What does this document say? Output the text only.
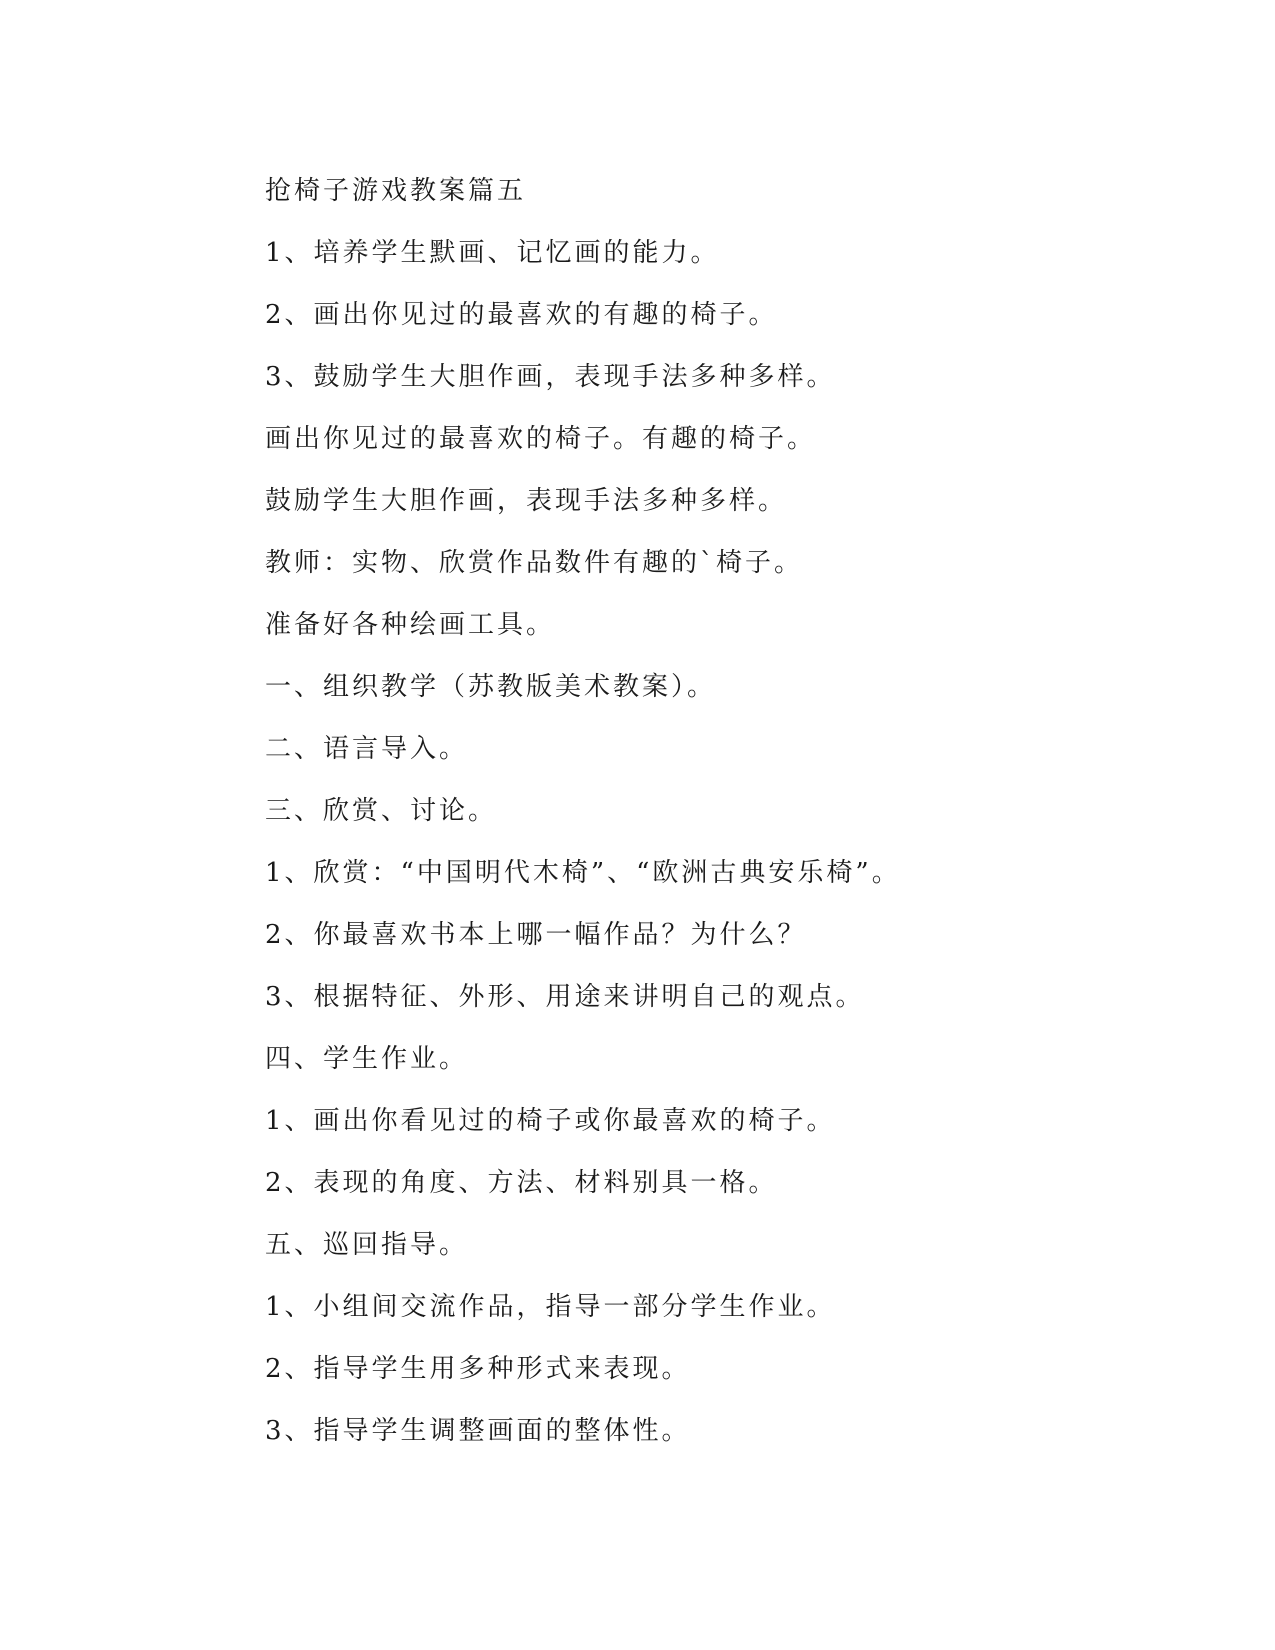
抢椅子游戏教案篇五
1、培养学生默画、记忆画的能力。
2、画出你见过的最喜欢的有趣的椅子。
3、鼓励学生大胆作画，表现手法多种多样。
画出你见过的最喜欢的椅子。有趣的椅子。
鼓励学生大胆作画，表现手法多种多样。
教师：实物、欣赏作品数件有趣的`椅子。
准备好各种绘画工具。
一、组织教学（苏教版美术教案）。
二、语言导入。
三、欣赏、讨论。
1、欣赏：“中国明代木椅”、“欧洲古典安乐椅”。
2、你最喜欢书本上哪一幅作品？为什么？
3、根据特征、外形、用途来讲明自己的观点。
四、学生作业。
1、画出你看见过的椅子或你最喜欢的椅子。
2、表现的角度、方法、材料别具一格。
五、巡回指导。
1、小组间交流作品，指导一部分学生作业。
2、指导学生用多种形式来表现。
3、指导学生调整画面的整体性。
